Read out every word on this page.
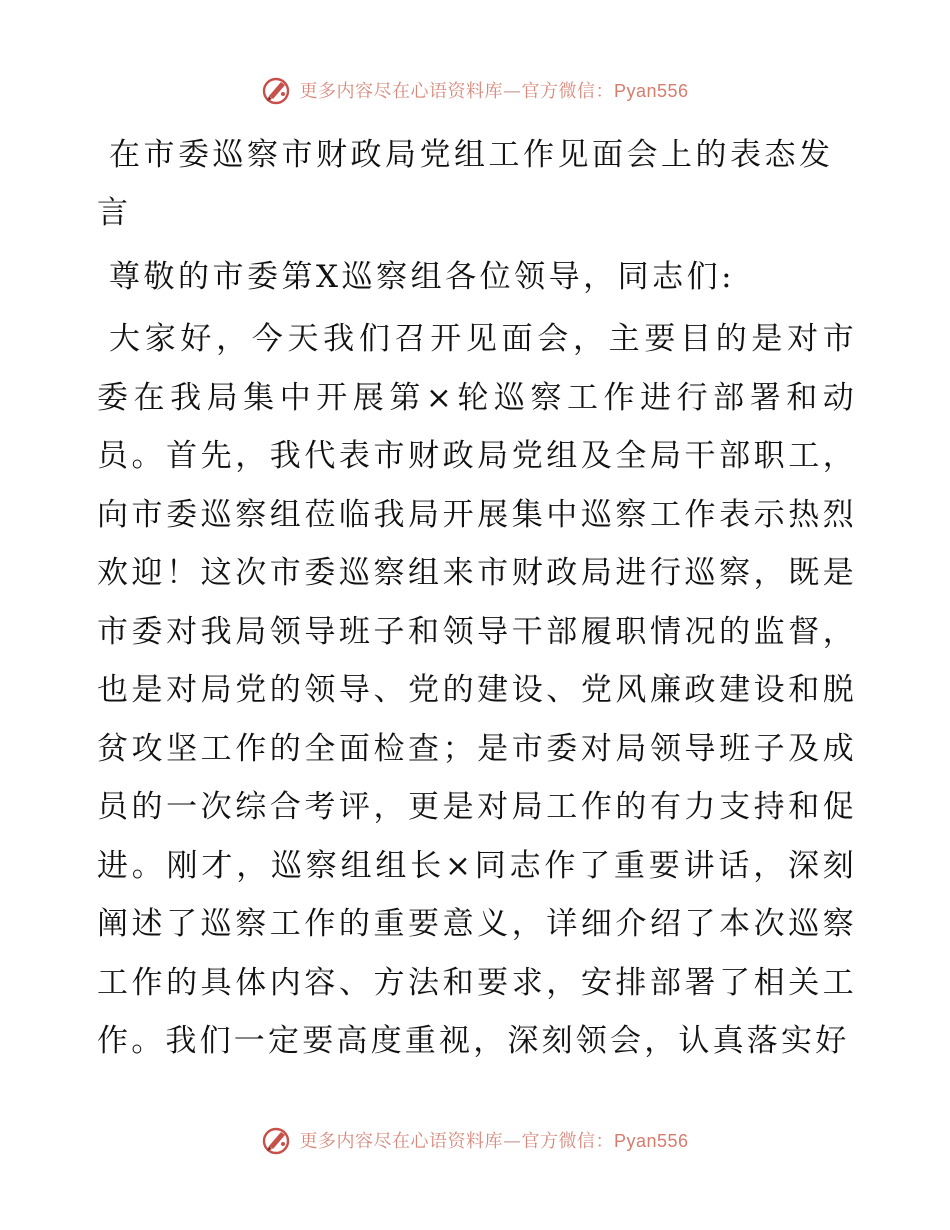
更多内容尽在心语资料库—官方微信：Pyan556
在市委巡察市财政局党组工作见面会上的表态发言

尊敬的市委第X巡察组各位领导，同志们:

大家好，今天我们召开见面会，主要目的是对市委在我局集中开展第×轮巡察工作进行部署和动员。首先，我代表市财政局党组及全局干部职工，向市委巡察组莅临我局开展集中巡察工作表示热烈欢迎！这次市委巡察组来市财政局进行巡察，既是市委对我局领导班子和领导干部履职情况的监督，也是对局党的领导、党的建设、党风廉政建设和脱贫攻坚工作的全面检查；是市委对局领导班子及成员的一次综合考评，更是对局工作的有力支持和促进。刚才，巡察组组长×同志作了重要讲话，深刻阐述了巡察工作的重要意义，详细介绍了本次巡察工作的具体内容、方法和要求，安排部署了相关工作。我们一定要高度重视，深刻领会，认真落实好

更多内容尽在心语资料库—官方微信：Pyan556
